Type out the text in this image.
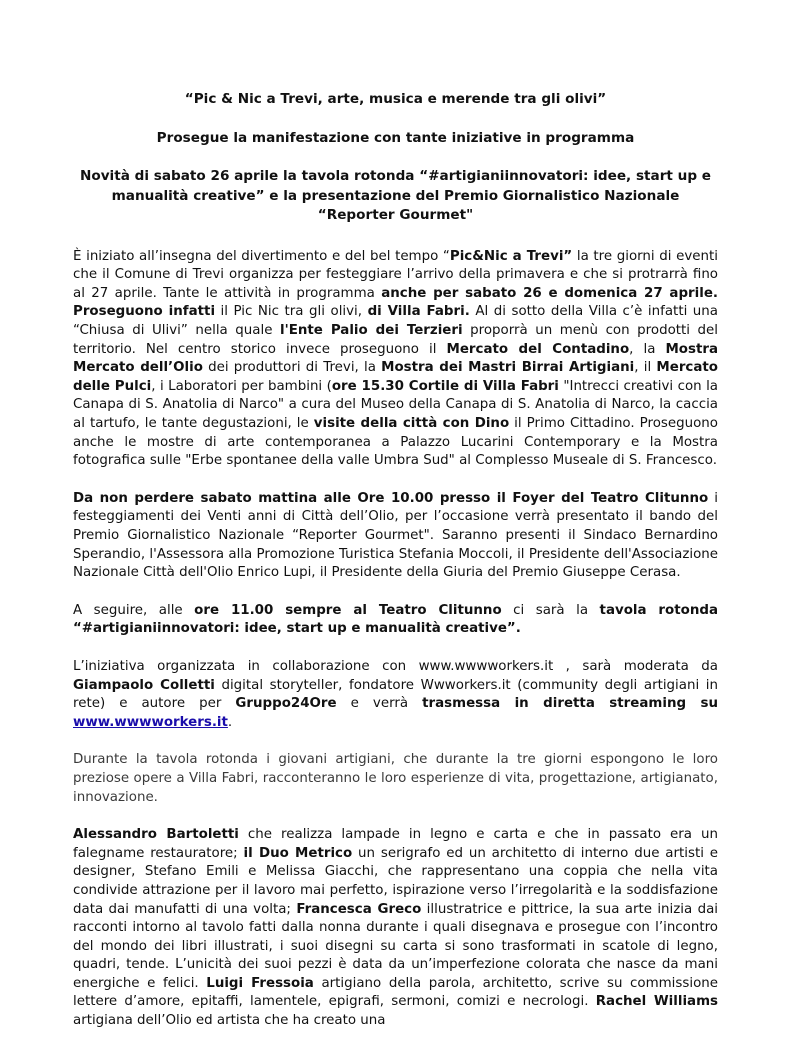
“Pic & Nic a Trevi, arte, musica e merende tra gli olivi”

Prosegue la manifestazione con tante iniziative in programma

Novità di sabato 26 aprile la tavola rotonda “#artigianiinnovatori: idee, start up e manualità creative” e la presentazione del Premio Giornalistico Nazionale “Reporter Gourmet"

È iniziato all’insegna del divertimento e del bel tempo “Pic&Nic a Trevi” la tre giorni di eventi che il Comune di Trevi organizza per festeggiare l’arrivo della primavera e che si protrarrà fino al 27 aprile. Tante le attività in programma anche per sabato 26 e domenica 27 aprile. Proseguono infatti il Pic Nic tra gli olivi, di Villa Fabri. Al di sotto della Villa c’è infatti una “Chiusa di Ulivi” nella quale l'Ente Palio dei Terzieri proporrà un menù con prodotti del territorio. Nel centro storico invece proseguono il Mercato del Contadino, la Mostra Mercato dell’Olio dei produttori di Trevi, la Mostra dei Mastri Birrai Artigiani, il Mercato delle Pulci, i Laboratori per bambini (ore 15.30 Cortile di Villa Fabri "Intrecci creativi con la Canapa di S. Anatolia di Narco" a cura del Museo della Canapa di S. Anatolia di Narco, la caccia al tartufo, le tante degustazioni, le visite della città con Dino il Primo Cittadino. Proseguono anche le mostre di arte contemporanea a Palazzo Lucarini Contemporary e la Mostra fotografica sulle "Erbe spontanee della valle Umbra Sud" al Complesso Museale di S. Francesco.

Da non perdere sabato mattina alle Ore 10.00 presso il Foyer del Teatro Clitunno i festeggiamenti dei Venti anni di Città dell’Olio, per l’occasione verrà presentato il bando del Premio Giornalistico Nazionale “Reporter Gourmet". Saranno presenti il Sindaco Bernardino Sperandio, l'Assessora alla Promozione Turistica Stefania Moccoli, il Presidente dell'Associazione Nazionale Città dell'Olio Enrico Lupi, il Presidente della Giuria del Premio Giuseppe Cerasa.

A seguire, alle ore 11.00 sempre al Teatro Clitunno ci sarà la tavola rotonda “#artigianiinnovatori: idee, start up e manualità creative”.

L’iniziativa organizzata in collaborazione con www.wwwworkers.it , sarà moderata da Giampaolo Colletti digital storyteller, fondatore Wwworkers.it (community degli artigiani in rete) e autore per Gruppo24Ore e verrà trasmessa in diretta streaming su www.wwwworkers.it.

Durante la tavola rotonda i giovani artigiani, che durante la tre giorni espongono le loro preziose opere a Villa Fabri, racconteranno le loro esperienze di vita, progettazione, artigianato, innovazione.

Alessandro Bartoletti che realizza lampade in legno e carta e che in passato era un falegname restauratore; il Duo Metrico un serigrafo ed un architetto di interno due artisti e designer, Stefano Emili e Melissa Giacchi, che rappresentano una coppia che nella vita condivide attrazione per il lavoro mai perfetto, ispirazione verso l’irregolarità e la soddisfazione data dai manufatti di una volta; Francesca Greco illustratrice e pittrice, la sua arte inizia dai racconti intorno al tavolo fatti dalla nonna durante i quali disegnava e prosegue con l’incontro del mondo dei libri illustrati, i suoi disegni su carta si sono trasformati in scatole di legno, quadri, tende. L’unicità dei suoi pezzi è data da un’imperfezione colorata che nasce da mani energiche e felici. Luigi Fressoia artigiano della parola, architetto, scrive su commissione lettere d’amore, epitaffi, lamentele, epigrafi, sermoni, comizi e necrologi. Rachel Williams artigiana dell’Olio ed artista che ha creato una
